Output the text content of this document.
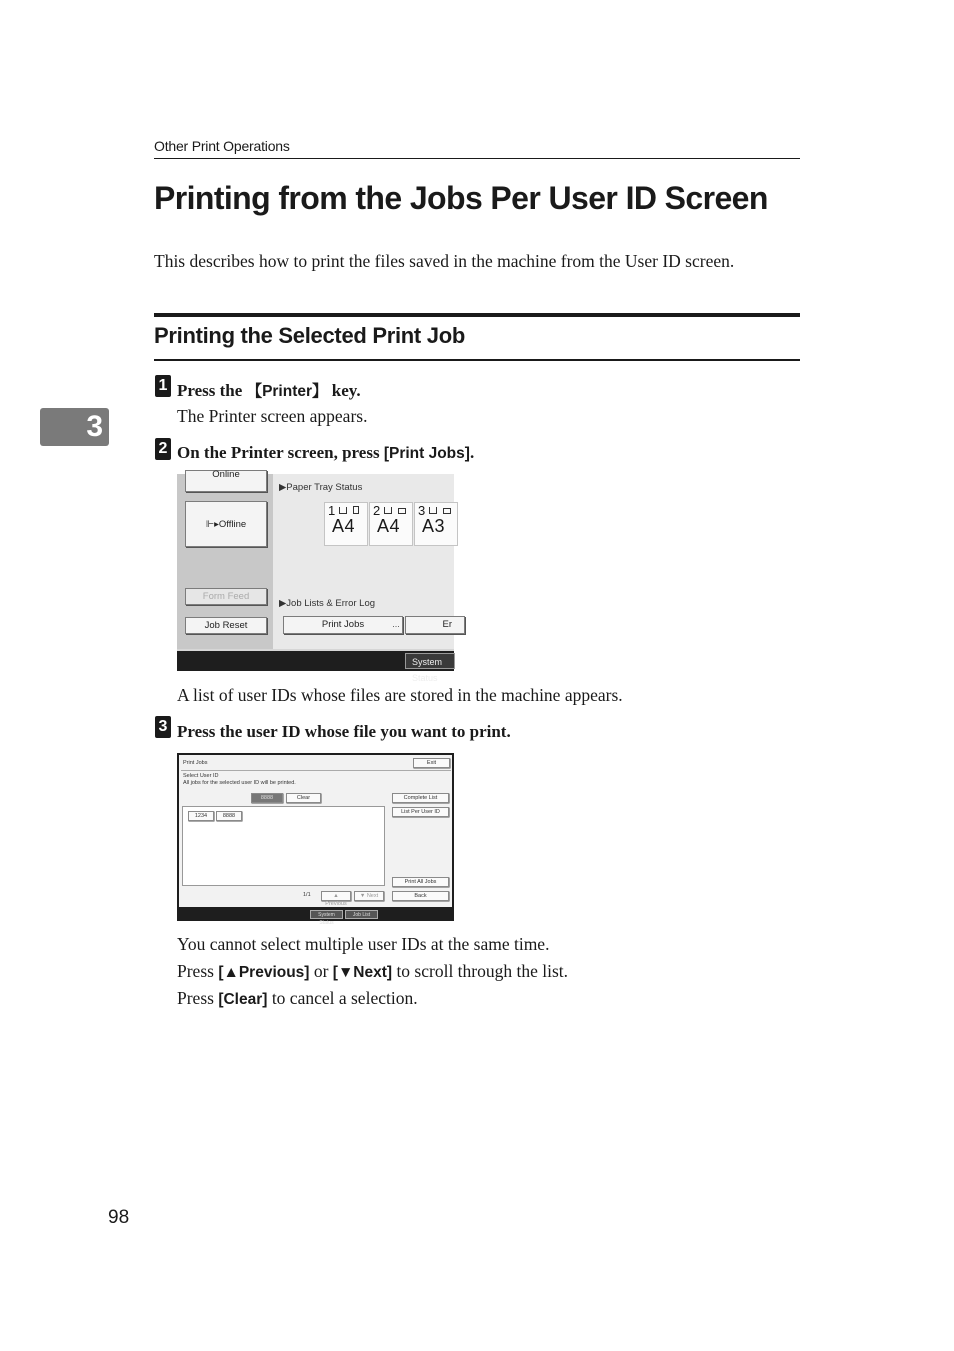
Other Print Operations
Printing from the Jobs Per User ID Screen
This describes how to print the files saved in the machine from the User ID screen.
Printing the Selected Print Job
3
1 Press the 【Printer】 key.
The Printer screen appears.
2 On the Printer screen, press [Print Jobs].
Online
⊩▸Offline
Form Feed
Job Reset
▶Paper Tray Status
1
A4
2
A4
3
A3
▶Job Lists & Error Log
Print Jobs	…	Er
System Status
A list of user IDs whose files are stored in the machine appears.
3 Press the user ID whose file you want to print.
Print Jobs	Exit
Select User ID
All jobs for the selected user ID will be printed.
8888	Clear	Complete List
List Per User ID
1234	8888
1/1	▲ Previous
▼ Next
Print All Jobs
Back
System Status
Job List
You cannot select multiple user IDs at the same time.
Press [▲Previous] or [▼Next] to scroll through the list.
Press [Clear] to cancel a selection.
98
